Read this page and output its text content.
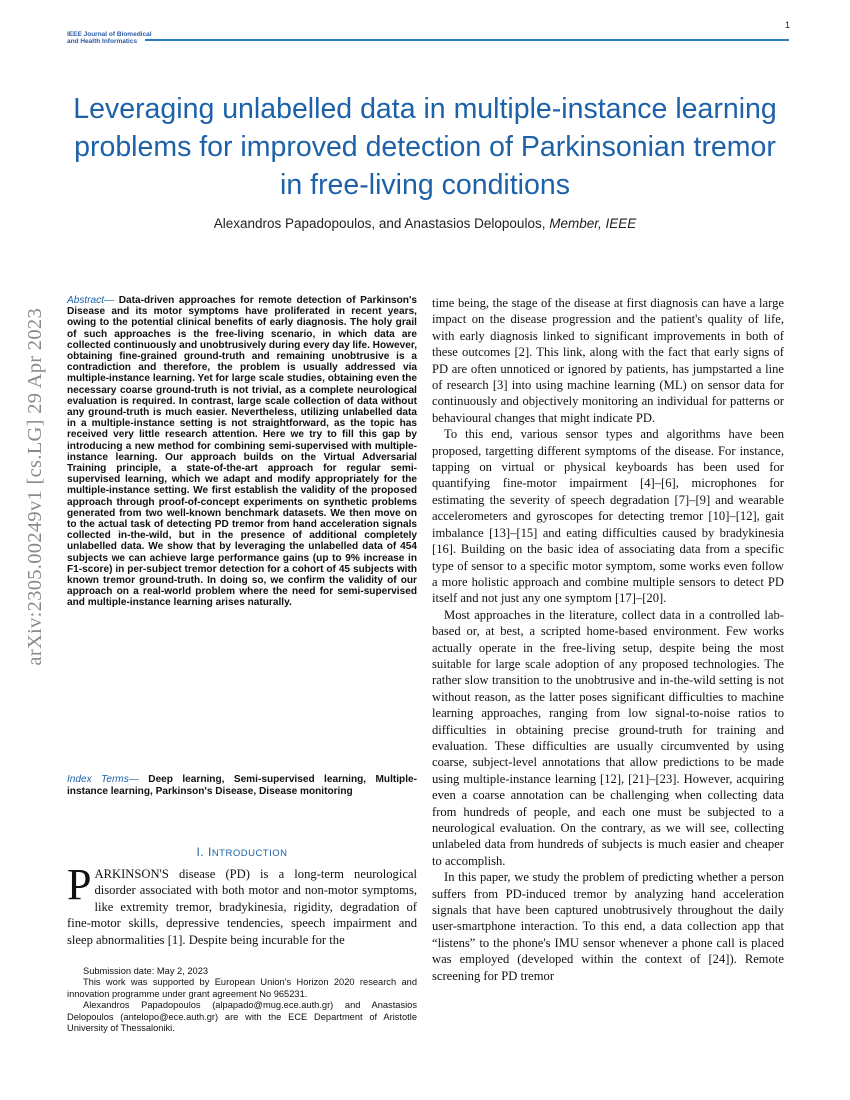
IEEE Journal of Biomedical
and Health Informatics
1
Leveraging unlabelled data in multiple-instance learning problems for improved detection of Parkinsonian tremor in free-living conditions
Alexandros Papadopoulos, and Anastasios Delopoulos, Member, IEEE
arXiv:2305.00249v1 [cs.LG] 29 Apr 2023
Abstract— Data-driven approaches for remote detection of Parkinson's Disease and its motor symptoms have proliferated in recent years, owing to the potential clinical benefits of early diagnosis. The holy grail of such approaches is the free-living scenario, in which data are collected continuously and unobtrusively during every day life. However, obtaining fine-grained ground-truth and remaining unobtrusive is a contradiction and therefore, the problem is usually addressed via multiple-instance learning. Yet for large scale studies, obtaining even the necessary coarse ground-truth is not trivial, as a complete neurological evaluation is required. In contrast, large scale collection of data without any ground-truth is much easier. Nevertheless, utilizing unlabelled data in a multiple-instance setting is not straightforward, as the topic has received very little research attention. Here we try to fill this gap by introducing a new method for combining semi-supervised with multiple-instance learning. Our approach builds on the Virtual Adversarial Training principle, a state-of-the-art approach for regular semi-supervised learning, which we adapt and modify appropriately for the multiple-instance setting. We first establish the validity of the proposed approach through proof-of-concept experiments on synthetic problems generated from two well-known benchmark datasets. We then move on to the actual task of detecting PD tremor from hand acceleration signals collected in-the-wild, but in the presence of additional completely unlabelled data. We show that by leveraging the unlabelled data of 454 subjects we can achieve large performance gains (up to 9% increase in F1-score) in per-subject tremor detection for a cohort of 45 subjects with known tremor ground-truth. In doing so, we confirm the validity of our approach on a real-world problem where the need for semi-supervised and multiple-instance learning arises naturally.
Index Terms— Deep learning, Semi-supervised learning, Multiple-instance learning, Parkinson's Disease, Disease monitoring
I. INTRODUCTION
PARKINSON'S disease (PD) is a long-term neurological disorder associated with both motor and non-motor symptoms, like extremity tremor, bradykinesia, rigidity, degradation of fine-motor skills, depressive tendencies, speech impairment and sleep abnormalities [1]. Despite being incurable for the

Submission date: May 2, 2023

This work was supported by European Union's Horizon 2020 research and innovation programme under grant agreement No 965231.

Alexandros Papadopoulos (alpapado@mug.ece.auth.gr) and Anastasios Delopoulos (antelopo@ece.auth.gr) are with the ECE Department of Aristotle University of Thessaloniki.

time being, the stage of the disease at first diagnosis can have a large impact on the disease progression and the patient's quality of life, with early diagnosis linked to significant improvements in both of these outcomes [2]. This link, along with the fact that early signs of PD are often unnoticed or ignored by patients, has jumpstarted a line of research [3] into using machine learning (ML) on sensor data for continuously and objectively monitoring an individual for patterns or behavioural changes that might indicate PD.

To this end, various sensor types and algorithms have been proposed, targetting different symptoms of the disease. For instance, tapping on virtual or physical keyboards has been used for quantifying fine-motor impairment [4]–[6], microphones for estimating the severity of speech degradation [7]–[9] and wearable accelerometers and gyroscopes for detecting tremor [10]–[12], gait imbalance [13]–[15] and eating difficulties caused by bradykinesia [16]. Building on the basic idea of associating data from a specific type of sensor to a specific motor symptom, some works even follow a more holistic approach and combine multiple sensors to detect PD itself and not just any one symptom [17]–[20].

Most approaches in the literature, collect data in a controlled lab-based or, at best, a scripted home-based environment. Few works actually operate in the free-living setup, despite being the most suitable for large scale adoption of any proposed technologies. The rather slow transition to the unobtrusive and in-the-wild setting is not without reason, as the latter poses significant difficulties to machine learning approaches, ranging from low signal-to-noise ratios to difficulties in obtaining precise ground-truth for training and evaluation. These difficulties are usually circumvented by using coarse, subject-level annotations that allow predictions to be made using multiple-instance learning [12], [21]–[23]. However, acquiring even a coarse annotation can be challenging when collecting data from hundreds of people, and each one must be subjected to a neurological evaluation. On the contrary, as we will see, collecting unlabeled data from hundreds of subjects is much easier and cheaper to accomplish.

In this paper, we study the problem of predicting whether a person suffers from PD-induced tremor by analyzing hand acceleration signals that have been captured unobtrusively throughout the daily user-smartphone interaction. To this end, a data collection app that “listens” to the phone's IMU sensor whenever a phone call is placed was employed (developed within the context of [24]). Remote screening for PD tremor
